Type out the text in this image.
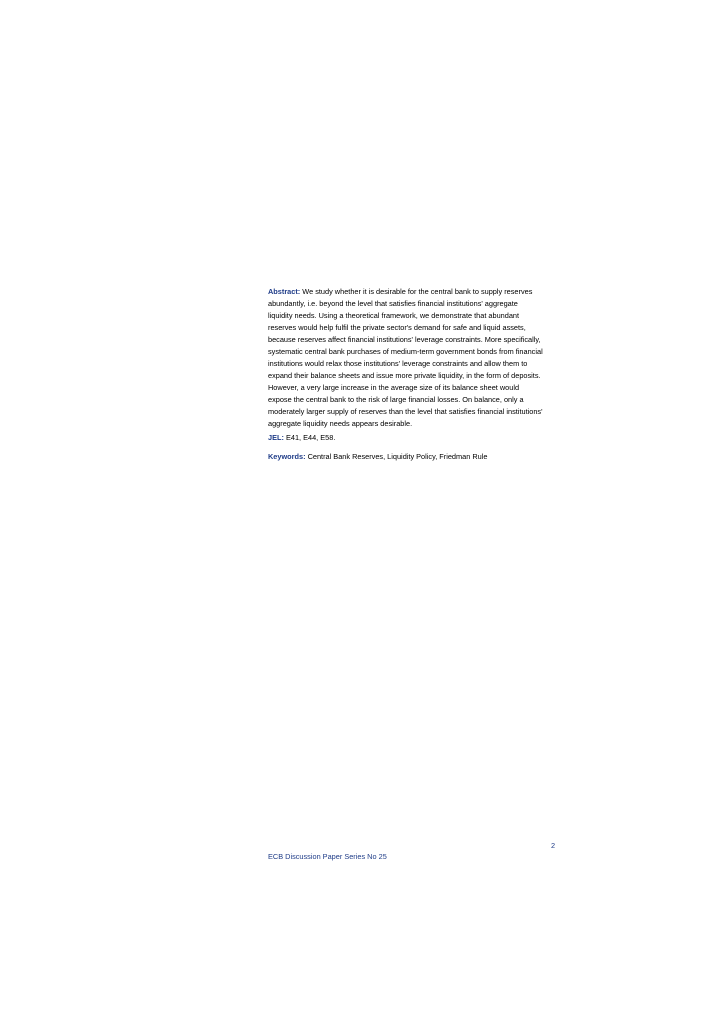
Abstract: We study whether it is desirable for the central bank to supply reserves
abundantly, i.e. beyond the level that satisfies financial institutions' aggregate
liquidity needs. Using a theoretical framework, we demonstrate that abundant
reserves would help fulfil the private sector's demand for safe and liquid assets,
because reserves affect financial institutions' leverage constraints. More specifically,
systematic central bank purchases of medium-term government bonds from financial
institutions would relax those institutions' leverage constraints and allow them to
expand their balance sheets and issue more private liquidity, in the form of deposits.
However, a very large increase in the average size of its balance sheet would
expose the central bank to the risk of large financial losses. On balance, only a
moderately larger supply of reserves than the level that satisfies financial institutions'
aggregate liquidity needs appears desirable.

JEL: E41, E44, E58.
Keywords: Central Bank Reserves, Liquidity Policy, Friedman Rule
2
ECB Discussion Paper Series No 25
